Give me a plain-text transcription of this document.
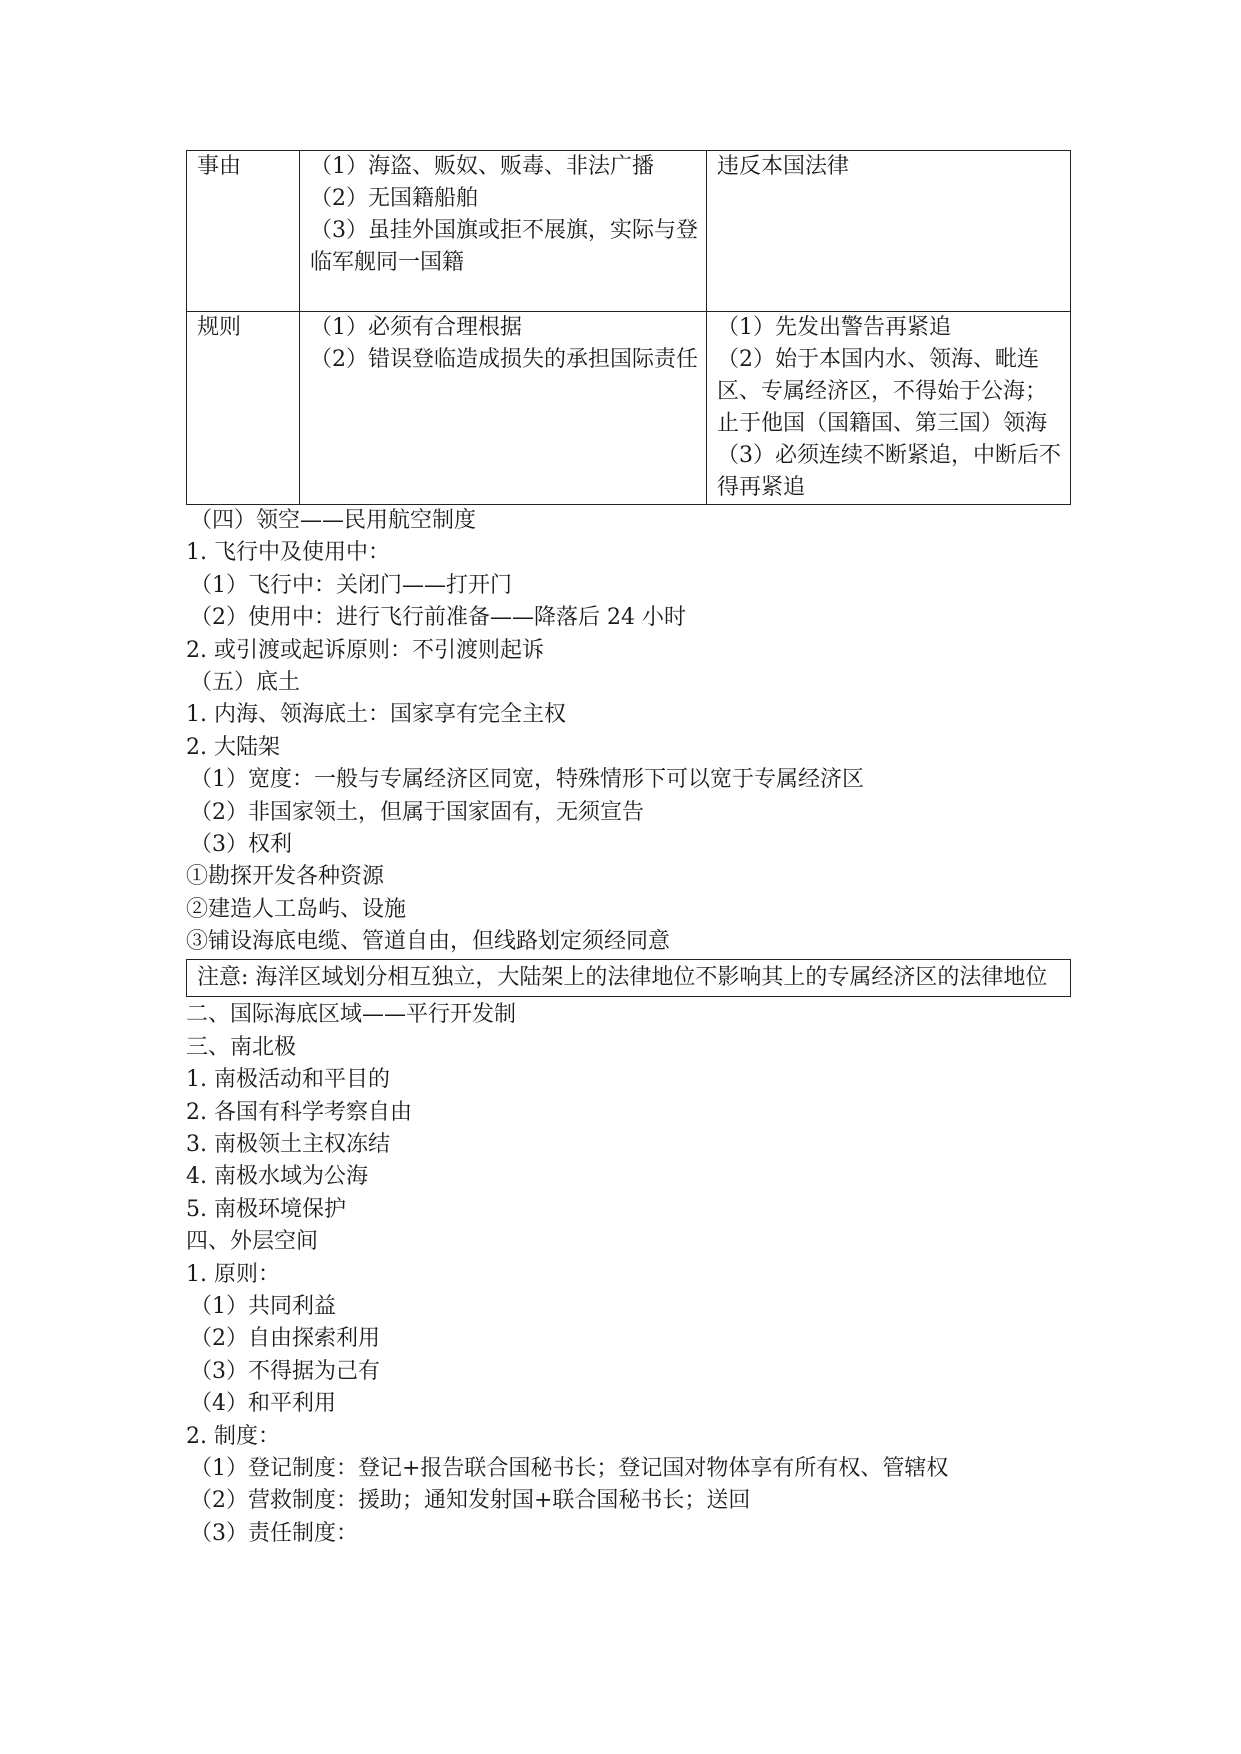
事由	（1）海盗、贩奴、贩毒、非法广播
（2）无国籍船舶
（3）虽挂外国旗或拒不展旗，实际与登临军舰同一国籍	违反本国法律

规则	（1）必须有合理根据
（2）错误登临造成损失的承担国际责任	（1）先发出警告再紧追
（2）始于本国内水、领海、毗连区、专属经济区，不得始于公海；止于他国（国籍国、第三国）领海
（3）必须连续不断紧追，中断后不得再紧追
（四）领空——民用航空制度
1. 飞行中及使用中：
（1）飞行中：关闭门——打开门
（2）使用中：进行飞行前准备——降落后 24 小时
2. 或引渡或起诉原则：不引渡则起诉
（五）底土
1. 内海、领海底土：国家享有完全主权
2. 大陆架
（1）宽度：一般与专属经济区同宽，特殊情形下可以宽于专属经济区
（2）非国家领土，但属于国家固有，无须宣告
（3）权利
①勘探开发各种资源
②建造人工岛屿、设施
③铺设海底电缆、管道自由，但线路划定须经同意
注意: 海洋区域划分相互独立，大陆架上的法律地位不影响其上的专属经济区的法律地位
二、国际海底区域——平行开发制
三、南北极
1. 南极活动和平目的
2. 各国有科学考察自由
3. 南极领土主权冻结
4. 南极水域为公海
5. 南极环境保护
四、外层空间
1. 原则：
（1）共同利益
（2）自由探索利用
（3）不得据为己有
（4）和平利用
2. 制度：
（1）登记制度：登记+报告联合国秘书长；登记国对物体享有所有权、管辖权
（2）营救制度：援助；通知发射国+联合国秘书长；送回
（3）责任制度：
